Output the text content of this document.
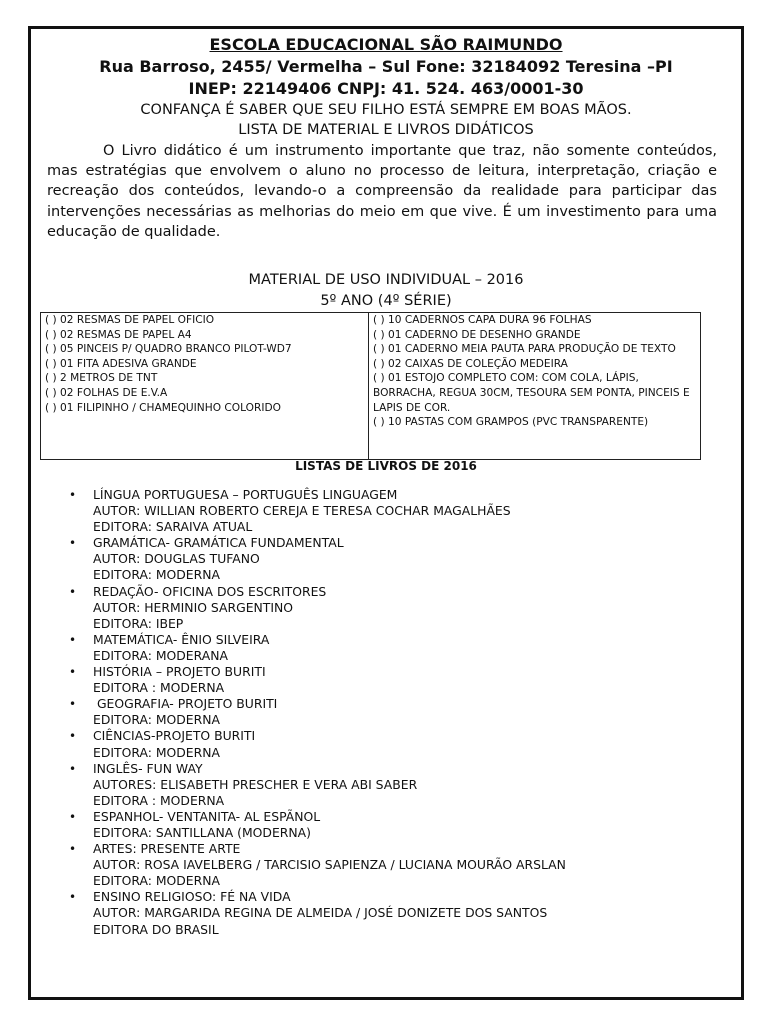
ESCOLA EDUCACIONAL SÃO RAIMUNDO
Rua Barroso, 2455/ Vermelha – Sul Fone: 32184092 Teresina –PI
INEP: 22149406 CNPJ: 41. 524. 463/0001-30
CONFANÇA É SABER QUE SEU FILHO ESTÁ SEMPRE EM BOAS MÃOS.
LISTA DE MATERIAL E LIVROS DIDÁTICOS

O Livro didático é um instrumento importante que traz, não somente conteúdos, mas estratégias que envolvem o aluno no processo de leitura, interpretação, criação e recreação dos conteúdos, levando-o a compreensão da realidade para participar das intervenções necessárias as melhorias do meio em que vive. É um investimento para uma educação de qualidade.

MATERIAL DE USO INDIVIDUAL – 2016
5º ANO (4º SÉRIE)

( ) 02 RESMAS DE PAPEL OFICIO

( ) 02 RESMAS DE PAPEL A4

( ) 05 PINCEIS P/ QUADRO BRANCO PILOT-WD7

( ) 01 FITA ADESIVA GRANDE

( ) 2 METROS DE TNT

( ) 02 FOLHAS DE E.V.A

( ) 01 FILIPINHO / CHAMEQUINHO COLORIDO

( ) 10 CADERNOS CAPA DURA 96 FOLHAS

( ) 01 CADERNO DE DESENHO GRANDE

( ) 01 CADERNO MEIA PAUTA PARA PRODUÇÃO DE TEXTO

( ) 02 CAIXAS DE COLEÇÃO MEDEIRA

( ) 01 ESTOJO COMPLETO COM: COM COLA, LÁPIS, BORRACHA, REGUA 30CM, TESOURA SEM PONTA, PINCEIS E LAPIS DE COR.

( ) 10 PASTAS COM GRAMPOS (PVC TRANSPARENTE)

LISTAS DE LIVROS DE 2016
• LÍNGUA PORTUGUESA – PORTUGUÊS LINGUAGEM
AUTOR: WILLIAN ROBERTO CEREJA E TERESA COCHAR MAGALHÃES
EDITORA: SARAIVA ATUAL
• GRAMÁTICA- GRAMÁTICA FUNDAMENTAL
AUTOR: DOUGLAS TUFANO
EDITORA: MODERNA
• REDAÇÃO- OFICINA DOS ESCRITORES
AUTOR: HERMINIO SARGENTINO
EDITORA: IBEP
• MATEMÁTICA- ÊNIO SILVEIRA
EDITORA: MODERANA
• HISTÓRIA – PROJETO BURITI
EDITORA : MODERNA
• GEOGRAFIA- PROJETO BURITI
EDITORA: MODERNA
• CIÊNCIAS-PROJETO BURITI
EDITORA: MODERNA
• INGLÊS- FUN WAY
AUTORES: ELISABETH PRESCHER E VERA ABI SABER
EDITORA : MODERNA
• ESPANHOL- VENTANITA- AL ESPÃNOL
EDITORA: SANTILLANA (MODERNA)
• ARTES: PRESENTE ARTE
AUTOR: ROSA IAVELBERG / TARCISIO SAPIENZA / LUCIANA MOURÃO ARSLAN
EDITORA: MODERNA
• ENSINO RELIGIOSO: FÉ NA VIDA
AUTOR: MARGARIDA REGINA DE ALMEIDA / JOSÉ DONIZETE DOS SANTOS
EDITORA DO BRASIL
